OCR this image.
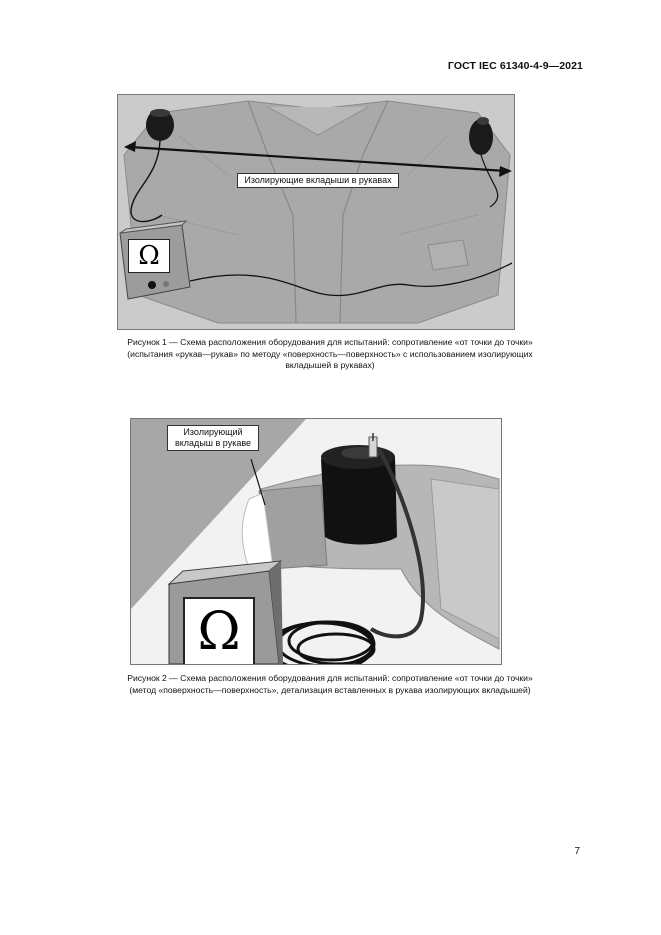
ГОСТ IEC 61340-4-9—2021
Ω
Изолирующие вкладыши в рукавах
Рисунок 1 — Схема расположения оборудования для испытаний: сопротивление «от точки до точки»
(испытания «рукав—рукав» по методу «поверхность—поверхность» с использованием изолирующих
вкладышей в рукавах)
Ω
Изолирующий вкладыш в рукаве
Рисунок 2 — Схема расположения оборудования для испытаний: сопротивление «от точки до точки»
(метод «поверхность—поверхность», детализация вставленных в рукава изолирующих вкладышей)
7
